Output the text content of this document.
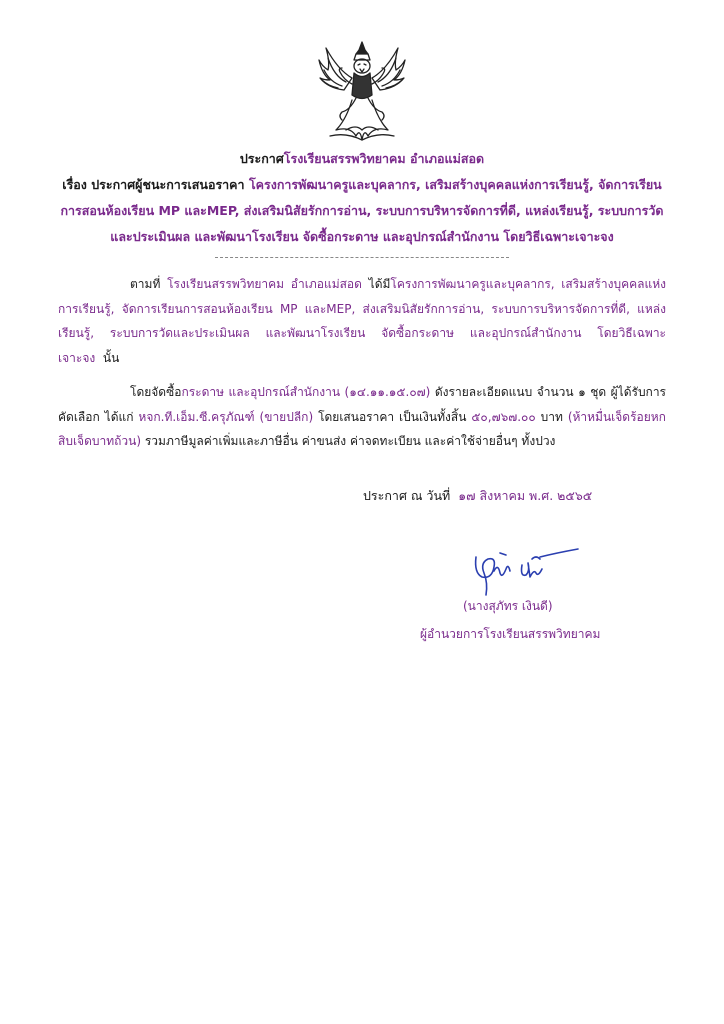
ประกาศโรงเรียนสรรพวิทยาคม อำเภอแม่สอด
เรื่อง ประกาศผู้ชนะการเสนอราคา โครงการพัฒนาครูและบุคลากร, เสริมสร้างบุคคลแห่งการเรียนรู้, จัดการเรียนการสอนห้องเรียน MP และMEP, ส่งเสริมนิสัยรักการอ่าน, ระบบการบริหารจัดการที่ดี, แหล่งเรียนรู้, ระบบการวัดและประเมินผล และพัฒนาโรงเรียน จัดซื้อกระดาษ และอุปกรณ์สำนักงาน โดยวิธีเฉพาะเจาะจง
ตามที่ โรงเรียนสรรพวิทยาคม อำเภอแม่สอด ได้มีโครงการพัฒนาครูและบุคลากร, เสริมสร้างบุคคลแห่งการเรียนรู้, จัดการเรียนการสอนห้องเรียน MP และMEP, ส่งเสริมนิสัยรักการอ่าน, ระบบการบริหารจัดการที่ดี, แหล่งเรียนรู้, ระบบการวัดและประเมินผล และพัฒนาโรงเรียน จัดซื้อกระดาษ และอุปกรณ์สำนักงาน โดยวิธีเฉพาะเจาะจง นั้น
โดยจัดซื้อกระดาษ และอุปกรณ์สำนักงาน (๑๔.๑๑.๑๕.๐๗) ดังรายละเอียดแนบ จำนวน ๑ ชุด ผู้ได้รับการคัดเลือก ได้แก่ หจก.ที.เอ็ม.ซี.ครุภัณฑ์ (ขายปลีก) โดยเสนอราคา เป็นเงินทั้งสิ้น ๕๐,๗๖๗.๐๐ บาท (ห้าหมื่นเจ็ดร้อยหกสิบเจ็ดบาทถ้วน) รวมภาษีมูลค่าเพิ่มและภาษีอื่น ค่าขนส่ง ค่าจดทะเบียน และค่าใช้จ่ายอื่นๆ ทั้งปวง
ประกาศ ณ วันที่ ๑๗ สิงหาคม พ.ศ. ๒๕๖๕
(นางสุภัทร เงินดี)
ผู้อำนวยการโรงเรียนสรรพวิทยาคม
